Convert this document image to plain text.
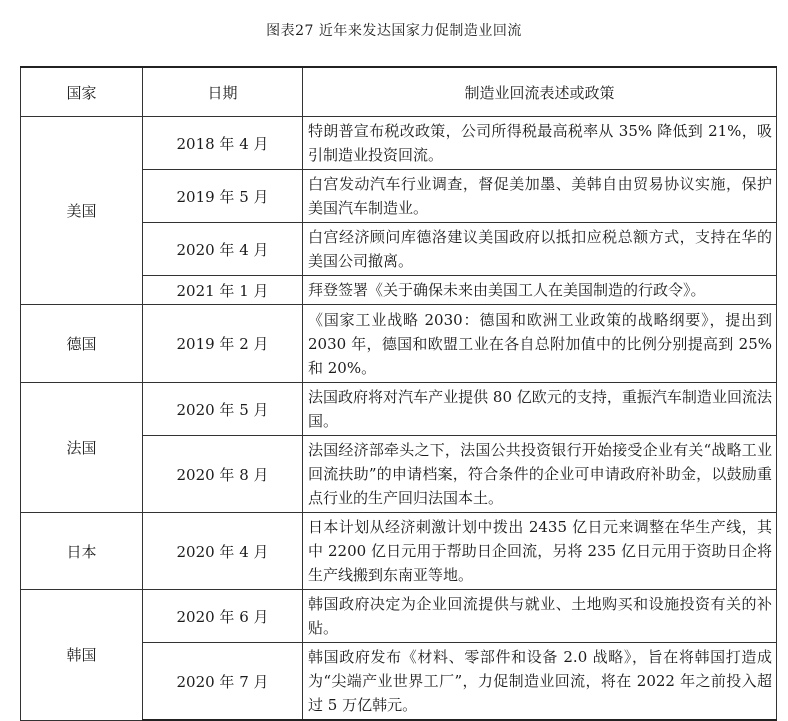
图表27 近年来发达国家力促制造业回流
国家	日期	制造业回流表述或政策
美国	2018 年 4 月	特朗普宣布税改政策，公司所得税最高税率从 35% 降低到 21%，吸引制造业投资回流。
	2019 年 5 月	白宫发动汽车行业调查，督促美加墨、美韩自由贸易协议实施，保护美国汽车制造业。
	2020 年 4 月	白宫经济顾问库德洛建议美国政府以抵扣应税总额方式，支持在华的美国公司撤离。
	2021 年 1 月	拜登签署《关于确保未来由美国工人在美国制造的行政令》。
德国	2019 年 2 月	《国家工业战略 2030：德国和欧洲工业政策的战略纲要》，提出到 2030 年，德国和欧盟工业在各自总附加值中的比例分别提高到 25% 和 20%。
法国	2020 年 5 月	法国政府将对汽车产业提供 80 亿欧元的支持，重振汽车制造业回流法国。
	2020 年 8 月	法国经济部牵头之下，法国公共投资银行开始接受企业有关“战略工业回流扶助”的申请档案，符合条件的企业可申请政府补助金，以鼓励重点行业的生产回归法国本土。
日本	2020 年 4 月	日本计划从经济刺激计划中拨出 2435 亿日元来调整在华生产线，其中 2200 亿日元用于帮助日企回流，另将 235 亿日元用于资助日企将生产线搬到东南亚等地。
韩国	2020 年 6 月	韩国政府决定为企业回流提供与就业、土地购买和设施投资有关的补贴。
	2020 年 7 月	韩国政府发布《材料、零部件和设备 2.0 战略》，旨在将韩国打造成为“尖端产业世界工厂”，力促制造业回流，将在 2022 年之前投入超过 5 万亿韩元。
